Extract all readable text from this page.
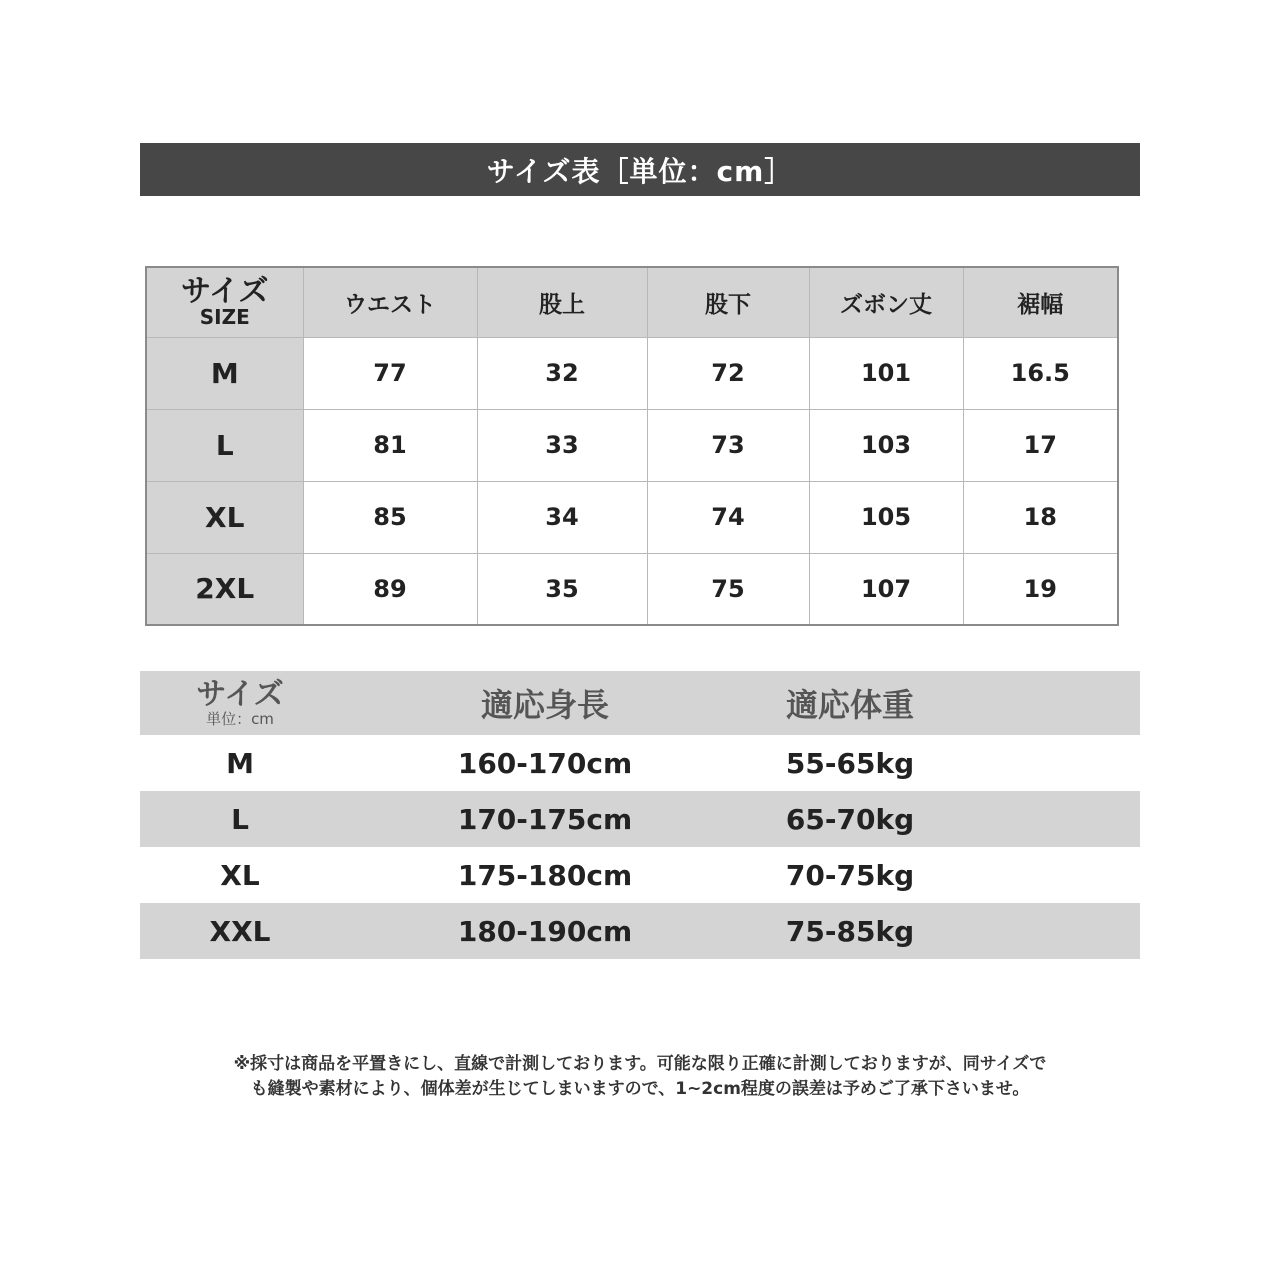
サイズ表［単位：cm］
サイズ
SIZE	ウエスト	股上	股下	ズボン丈	裾幅
M	77	32	72	101	16.5
L	81	33	73	103	17
XL	85	34	74	105	18
2XL	89	35	75	107	19
サイズ
単位：cm	適応身長	適応体重
M	160-170cm	55-65kg
L	170-175cm	65-70kg
XL	175-180cm	70-75kg
XXL	180-190cm	75-85kg
※採寸は商品を平置きにし、直線で計測しております。可能な限り正確に計測しておりますが、同サイズで
も縫製や素材により、個体差が生じてしまいますので、1~2cm程度の誤差は予めご了承下さいませ。
